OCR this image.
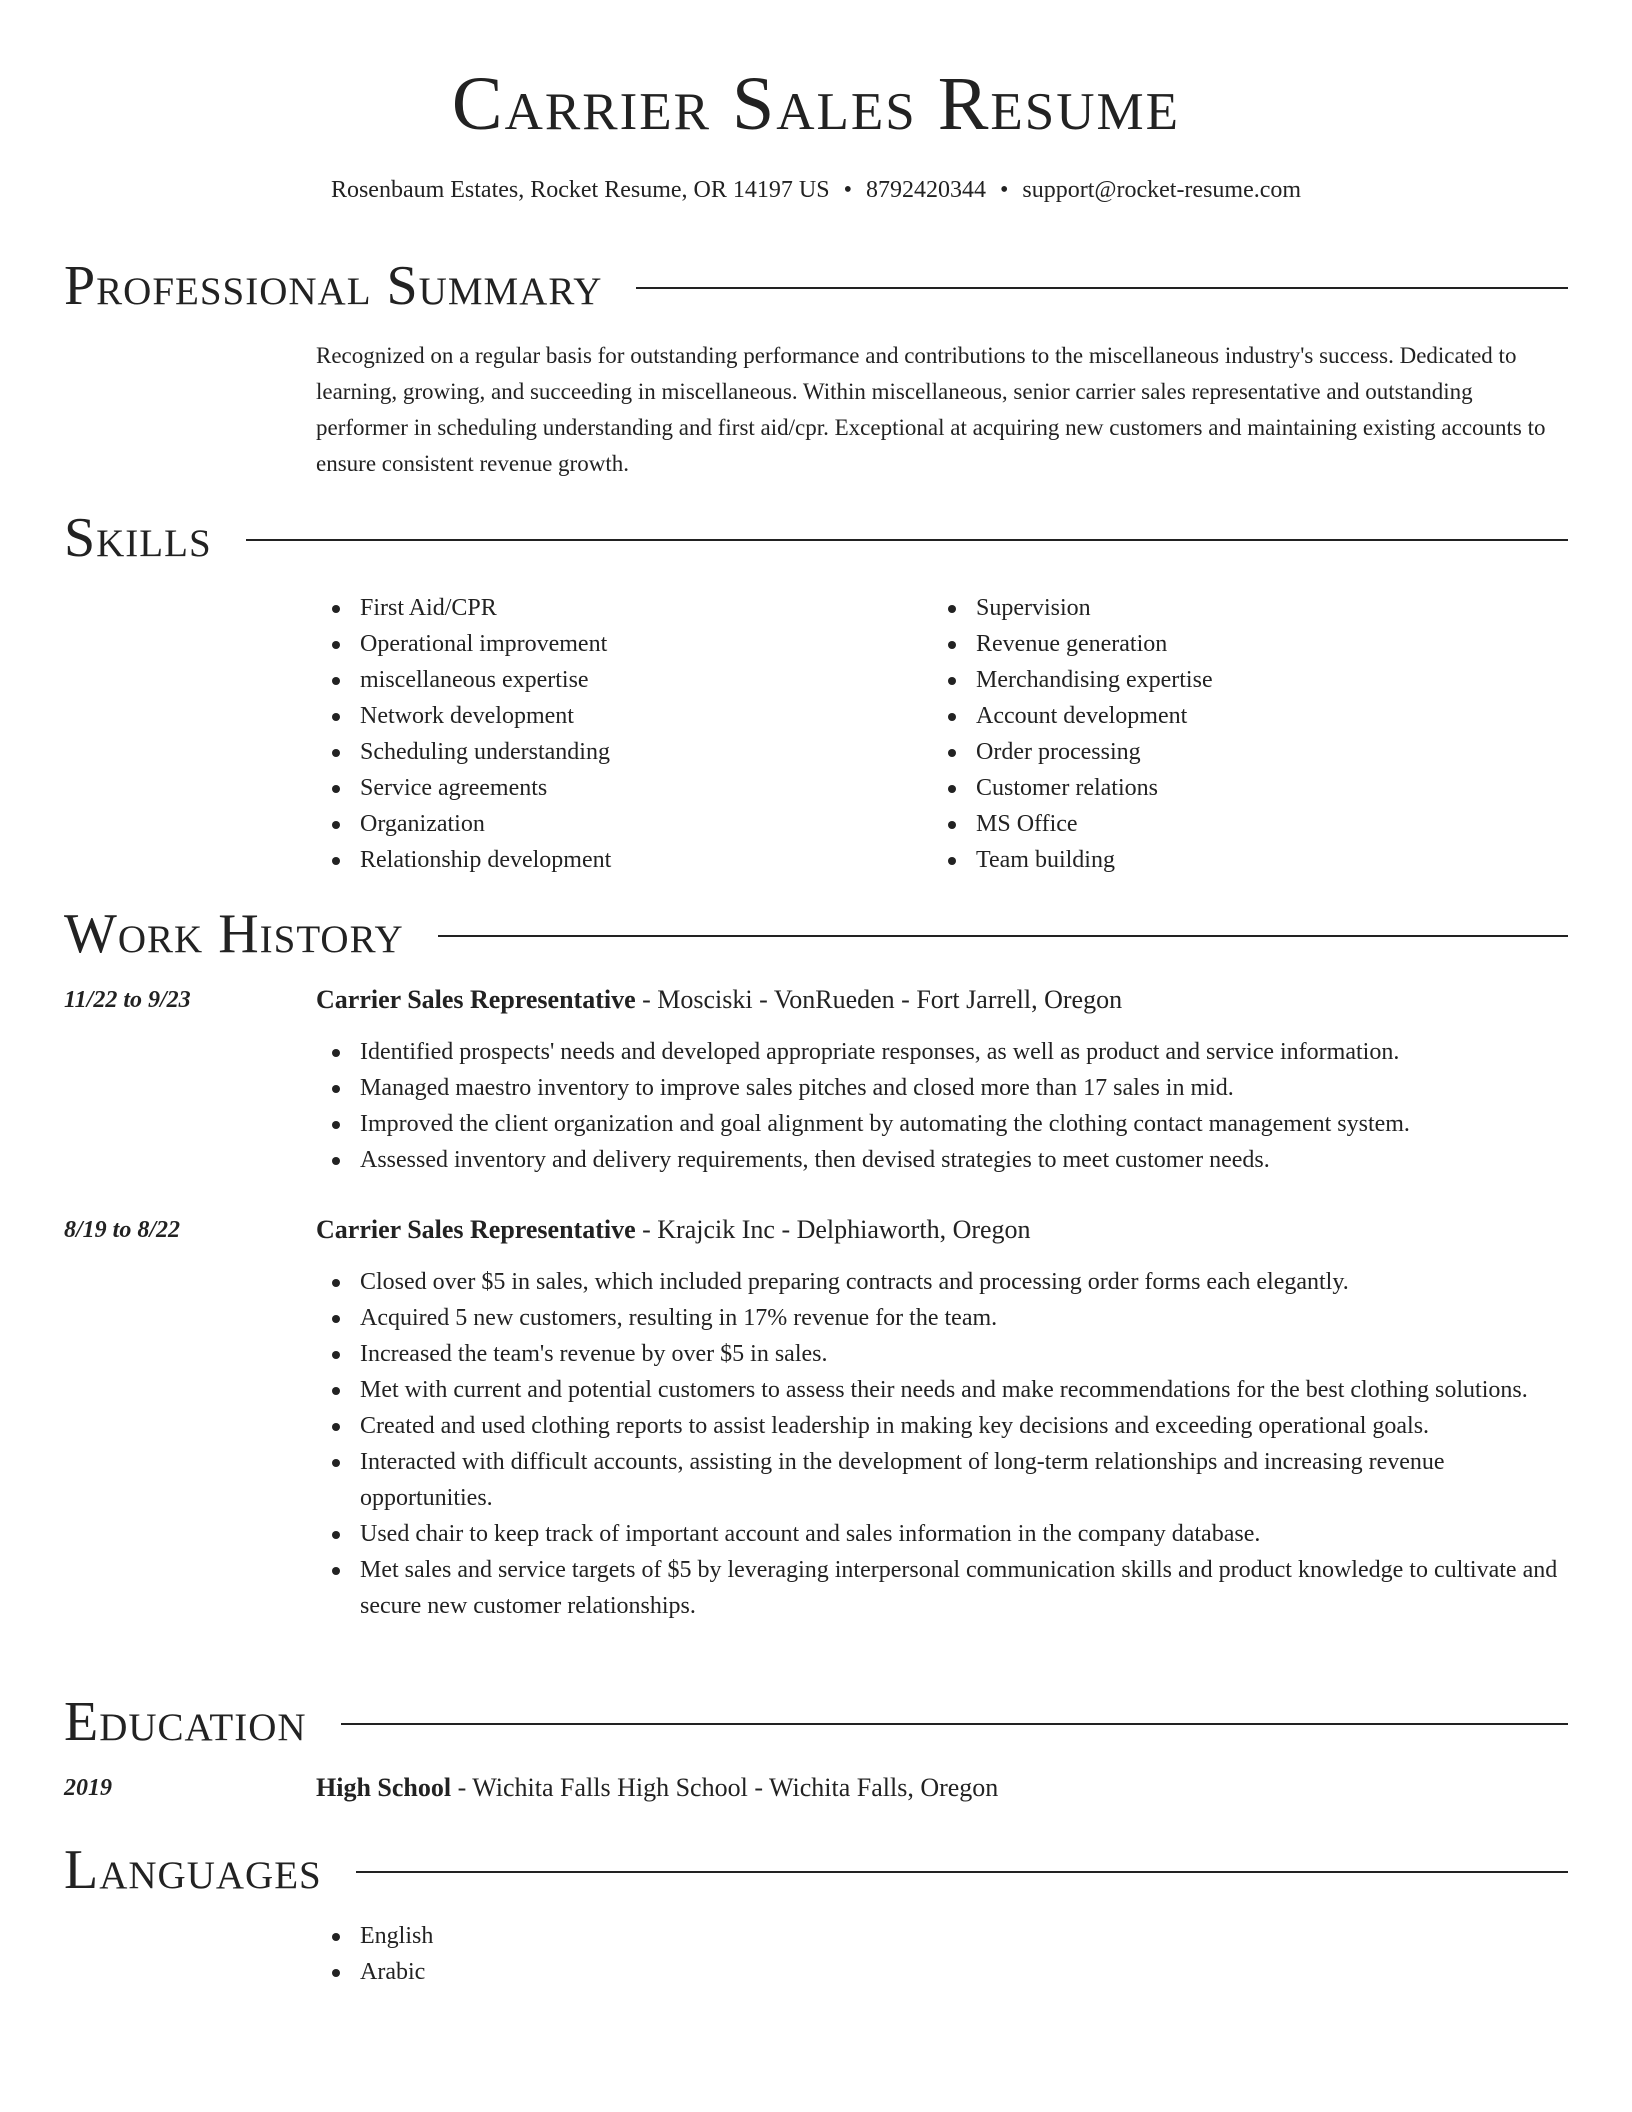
Carrier Sales Resume
Rosenbaum Estates, Rocket Resume, OR 14197 US • 8792420344 • support@rocket-resume.com
Professional Summary

Recognized on a regular basis for outstanding performance and contributions to the miscellaneous industry's success. Dedicated to learning, growing, and succeeding in miscellaneous. Within miscellaneous, senior carrier sales representative and outstanding performer in scheduling understanding and first aid/cpr. Exceptional at acquiring new customers and maintaining existing accounts to ensure consistent revenue growth.

Skills
First Aid/CPR
Operational improvement
miscellaneous expertise
Network development
Scheduling understanding
Service agreements
Organization
Relationship development
Supervision
Revenue generation
Merchandising expertise
Account development
Order processing
Customer relations
MS Office
Team building
Work History
11/22 to 9/23	Carrier Sales Representative - Mosciski - VonRueden - Fort Jarrell, Oregon
Identified prospects' needs and developed appropriate responses, as well as product and service information.
Managed maestro inventory to improve sales pitches and closed more than 17 sales in mid.
Improved the client organization and goal alignment by automating the clothing contact management system.
Assessed inventory and delivery requirements, then devised strategies to meet customer needs.
8/19 to 8/22	Carrier Sales Representative - Krajcik Inc - Delphiaworth, Oregon
Closed over $5 in sales, which included preparing contracts and processing order forms each elegantly.
Acquired 5 new customers, resulting in 17% revenue for the team.
Increased the team's revenue by over $5 in sales.
Met with current and potential customers to assess their needs and make recommendations for the best clothing solutions.
Created and used clothing reports to assist leadership in making key decisions and exceeding operational goals.
Interacted with difficult accounts, assisting in the development of long-term relationships and increasing revenue opportunities.
Used chair to keep track of important account and sales information in the company database.
Met sales and service targets of $5 by leveraging interpersonal communication skills and product knowledge to cultivate and secure new customer relationships.
Education
2019	High School - Wichita Falls High School - Wichita Falls, Oregon
Languages
English
Arabic
